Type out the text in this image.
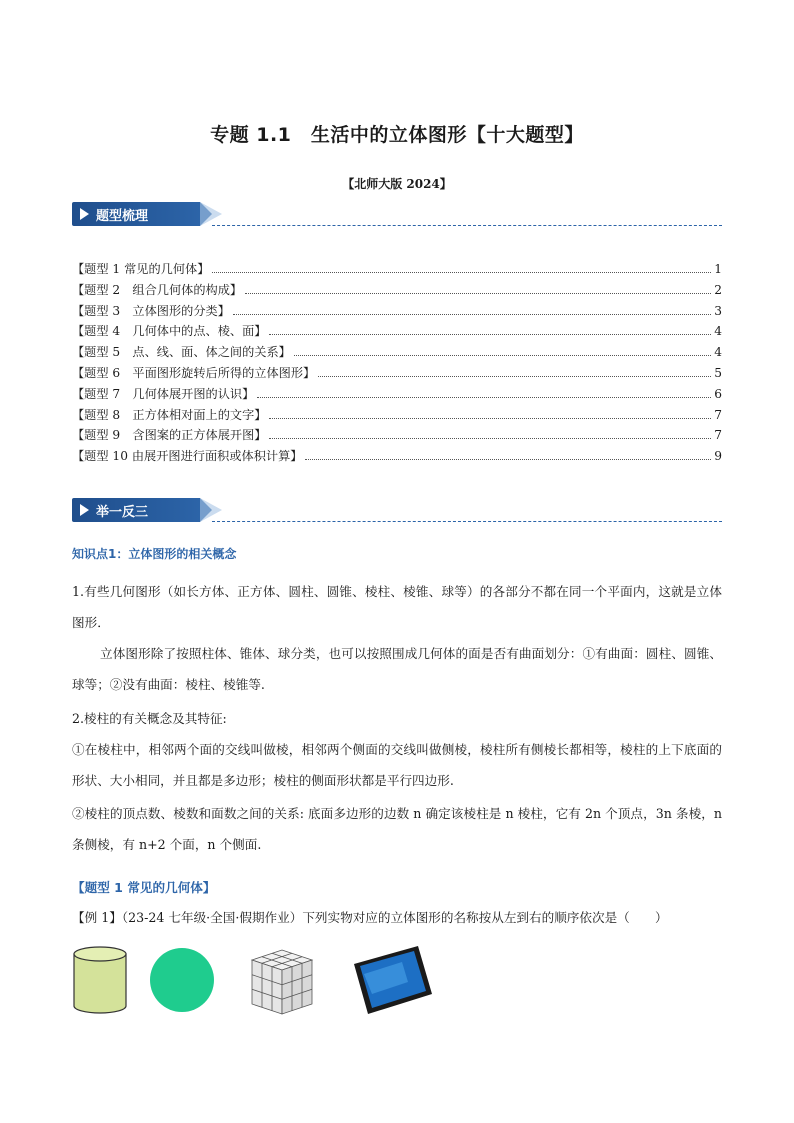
专题 1.1　生活中的立体图形【十大题型】
【北师大版 2024】
题型梳理
【题型 1 常见的几何体】	1
【题型 2　组合几何体的构成】	2
【题型 3　立体图形的分类】	3
【题型 4　几何体中的点、棱、面】	4
【题型 5　点、线、面、体之间的关系】	4
【题型 6　平面图形旋转后所得的立体图形】	5
【题型 7　几何体展开图的认识】	6
【题型 8　正方体相对面上的文字】	7
【题型 9　含图案的正方体展开图】	7
【题型 10 由展开图进行面积或体积计算】	9
举一反三
知识点1：立体图形的相关概念
1.有些几何图形（如长方体、正方体、圆柱、圆锥、棱柱、棱锥、球等）的各部分不都在同一个平面内，这就是立体图形．
立体图形除了按照柱体、锥体、球分类，也可以按照围成几何体的面是否有曲面划分：①有曲面：圆柱、圆锥、球等；②没有曲面：棱柱、棱锥等.
2.棱柱的有关概念及其特征:
①在棱柱中，相邻两个面的交线叫做棱，相邻两个侧面的交线叫做侧棱，棱柱所有侧棱长都相等，棱柱的上下底面的形状、大小相同，并且都是多边形；棱柱的侧面形状都是平行四边形.
②棱柱的顶点数、棱数和面数之间的关系: 底面多边形的边数 n 确定该棱柱是 n 棱柱，它有 2n 个顶点，3n 条棱，n 条侧棱，有 n+2 个面，n 个侧面.
【题型 1 常见的几何体】
【例 1】（23-24 七年级·全国·假期作业）下列实物对应的立体图形的名称按从左到右的顺序依次是（　　）
